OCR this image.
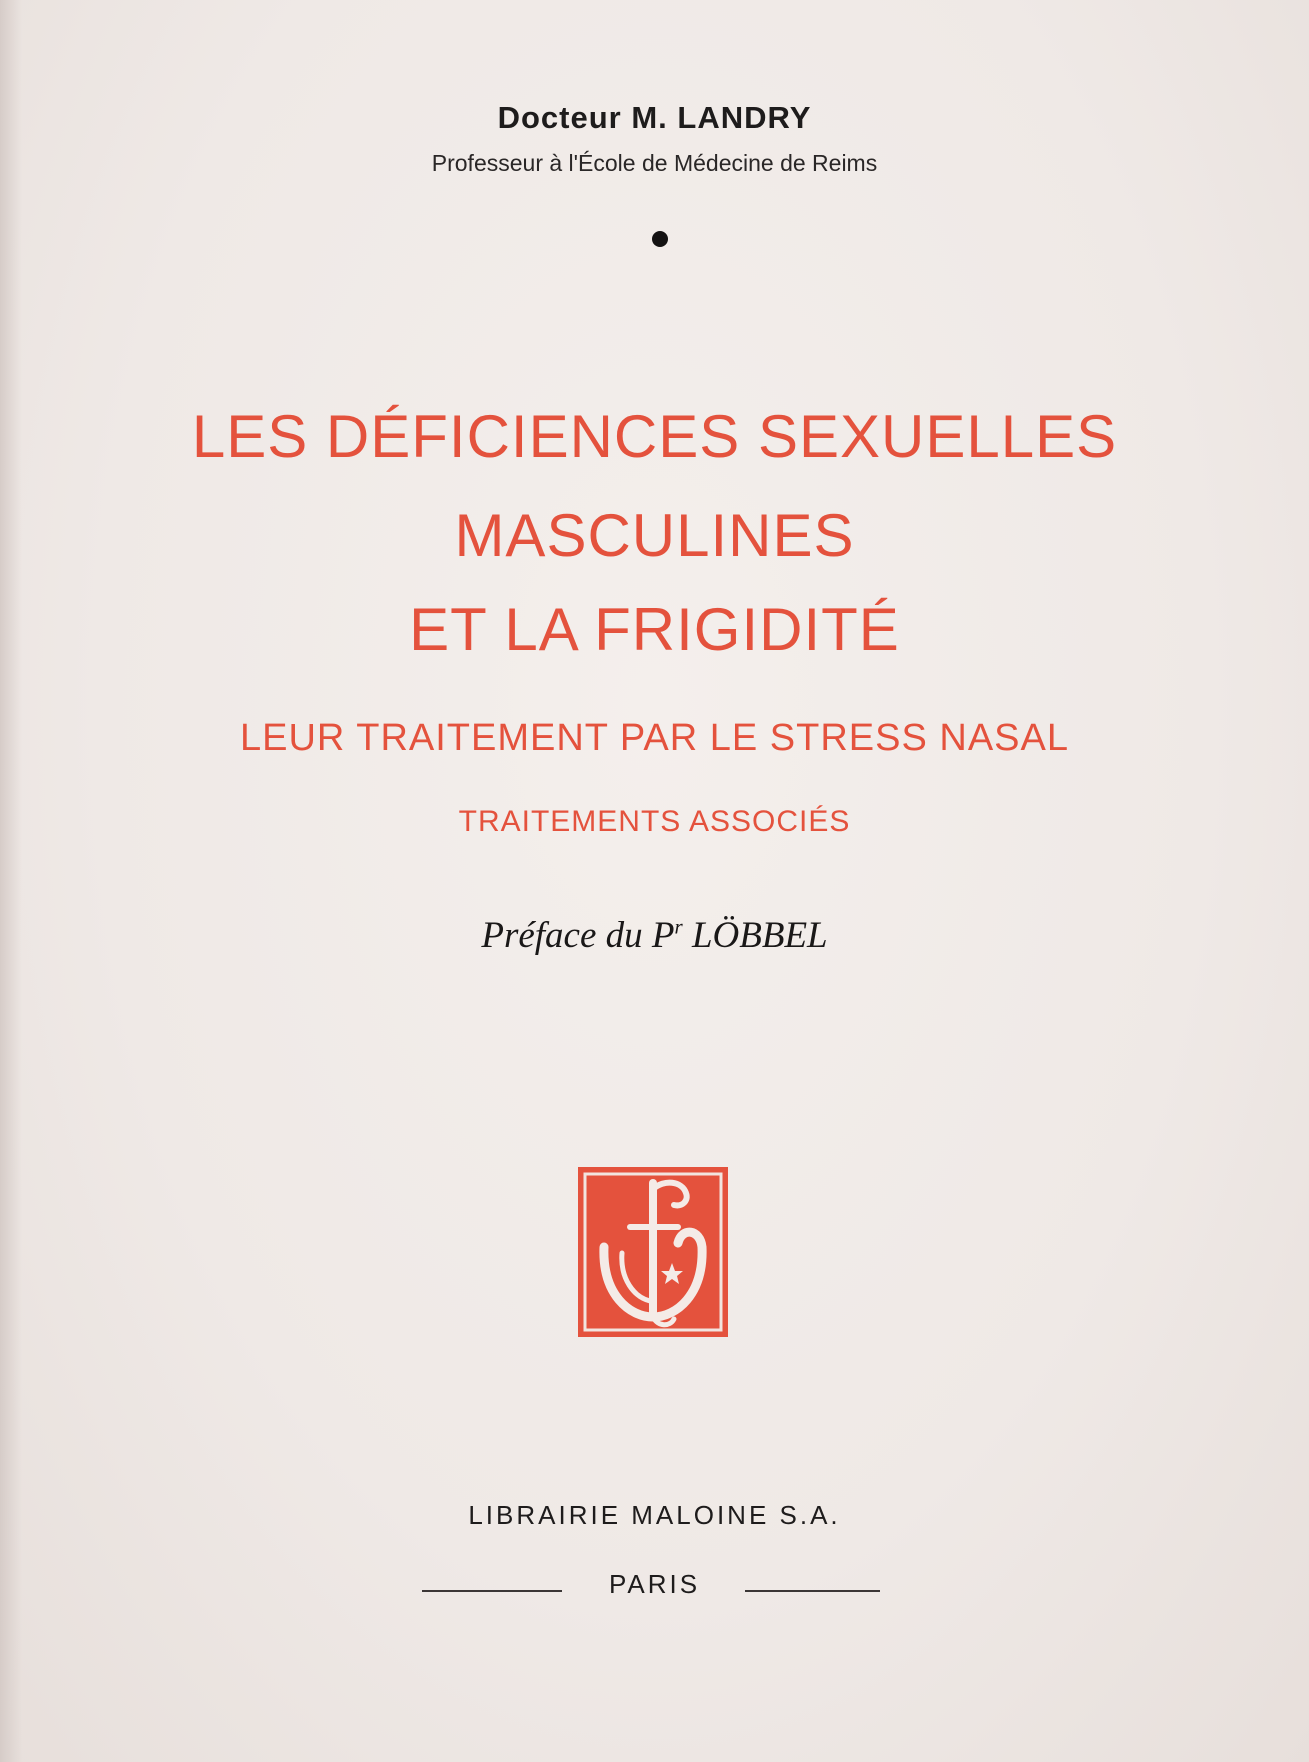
Docteur M. LANDRY
Professeur à l'École de Médecine de Reims
LES DÉFICIENCES SEXUELLES
MASCULINES
ET LA FRIGIDITÉ
LEUR TRAITEMENT PAR LE STRESS NASAL
TRAITEMENTS ASSOCIÉS
Préface du $P^r$ LÖBBEL
LIBRAIRIE MALOINE S.A.
PARIS
